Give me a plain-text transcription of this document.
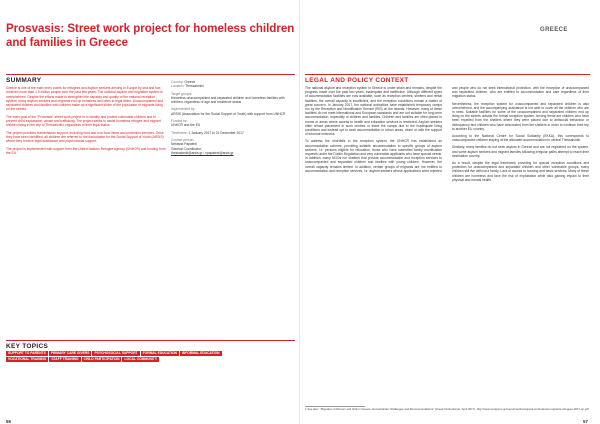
GREECE
Prosvasis: Street work project for homeless children and families in Greece
SUMMARY

Greece is one of the main entry points for refugees and asylum seekers arriving in Europe by sea and has received more than 1.5 million people over the past few years. The national asylum and migration system is overwhelmed. Despite the efforts made to strengthen the capacity and quality of the national reception system, many asylum seekers and migrants end up homeless and often in legal limbo. Unaccompanied and separated children and families with children make up a significant share of the population of migrants living on the streets.

The main goal of the "Prosvasis" street work project is to identify and protect vulnerable children and to prevent child exploitation, abuse and trafficking. The project seeks to assist homeless refugee and migrant children living in the city of Thessaloniki, regardless of their legal status.

The project provides humanitarian support, including food and non-food items and protection services. Once they have been identified, all children are referred to the Association for the Social Support of Youth (ARSIS) where they receive legal assistance and psychosocial support.

The project is implemented with support from the United Nations Refugee Agency (UNHCR) and funding from the EU.

Country: Greece
Location: Thessaloniki
Target groups:
Homeless unaccompanied and separated children and homeless families with children, regardless of age and residence status
Implemented by:
ARSIS (Association for the Social Support of Youth) with support from UNHCR
Funded by:
UNHCR and the EU
Timeframe: 1 January 2017 to 31 December 2017
Contact person:
Nektaria Papalexi
General Coordinator,
thessaloniki@arsis.gr / npapalexi@arsis.gr
LEGAL AND POLICY CONTEXT

The national asylum and reception system in Greece is under strain and remains, despite the progress made over the past two years, inadequate and ineffective. Although different types of accommodation facilities are now available, such as reception centres, shelters and rental facilities, the overall capacity is insufficient, and the reception conditions remain a matter of great concern. In January 2017, the national authorities have established temporary camps run by the Reception and Identification Service (RIS) on the islands. However, many of these facilities do not meet international and European standards and are not suitable for long-term accommodation, especially of children and families. Children and families are often placed in rooms or areas where access to health and education services is restricted. Asylum seekers often refuse placement in such centres or leave the camps due to the inadequate living conditions and instead opt to seek accommodation in urban areas, alone or with the support of informal networks.

To address the shortfalls in the reception system, the UNHCR has established an accommodation scheme, providing suitable accommodation to specific groups of asylum seekers, i.e. persons eligible for relocation, those who have submitted family reunification requests under the Dublin Regulation and very vulnerable applicants who have special needs. In addition, many NGOs run shelters that provide accommodation and reception services to unaccompanied and separated children and families with young children. However, the overall capacity remains limited. In addition, certain groups of migrants are not entitled to accommodation and reception services, i.e. asylum seekers whose applications were rejected

and people who do not seek international protection, with the exception of unaccompanied and separated children, who are entitled to accommodation and care regardless of their migration status.

Nevertheless, the reception system for unaccompanied and separated children is also overwhelmed, and the accompanying assistance is not able to cover all the children who are in need. Suitable facilities for some of the unaccompanied and separated children end up living on the streets outside the formal reception system. Among these are children who have been expelled from the shelters where they were placed due to antisocial behaviour or delinquency and children who have absconded from the shelters in order to continue their trip to another EU country.

According to the National Centre for Social Solidarity (EKKA), this corresponds to unaccompanied children staying at the allocated accommodation in central Thessaloniki.

Similarly, many families do not seek asylum in Greece and are not registered on the system, and some asylum seekers and migrant families following irregular paths attempt to reach their destination country.

As a result, despite the legal framework providing for special reception conditions and protection for unaccompanied and separated children and other vulnerable groups, many children still live without a family. Lack of access to housing and basic services. Many of these children are homeless and face the risk of exploitation while also gaining impact to their physical and mental health.

KEY TOPICS
SUPPORT TO PARENTS	PRIMARY CARE GIVERS	PSYCHOSOCIAL SUPPORT	FORMAL EDUCATION	INFORMAL EDUCATION
VOCATIONAL TRAINING	STAFF TRAINING	CHILD PARTICIPATION	LOCAL COMMUNITY
1 See also: "Migration of Women and Girls in Greece: Humanitarian Challenges and Recommendations" (Greek Ombudsman, April 2017). http://www.synigoros.gr/resources/docs/greek-ombudsman-migrants-refugees-2017-en.pdf
56	57
